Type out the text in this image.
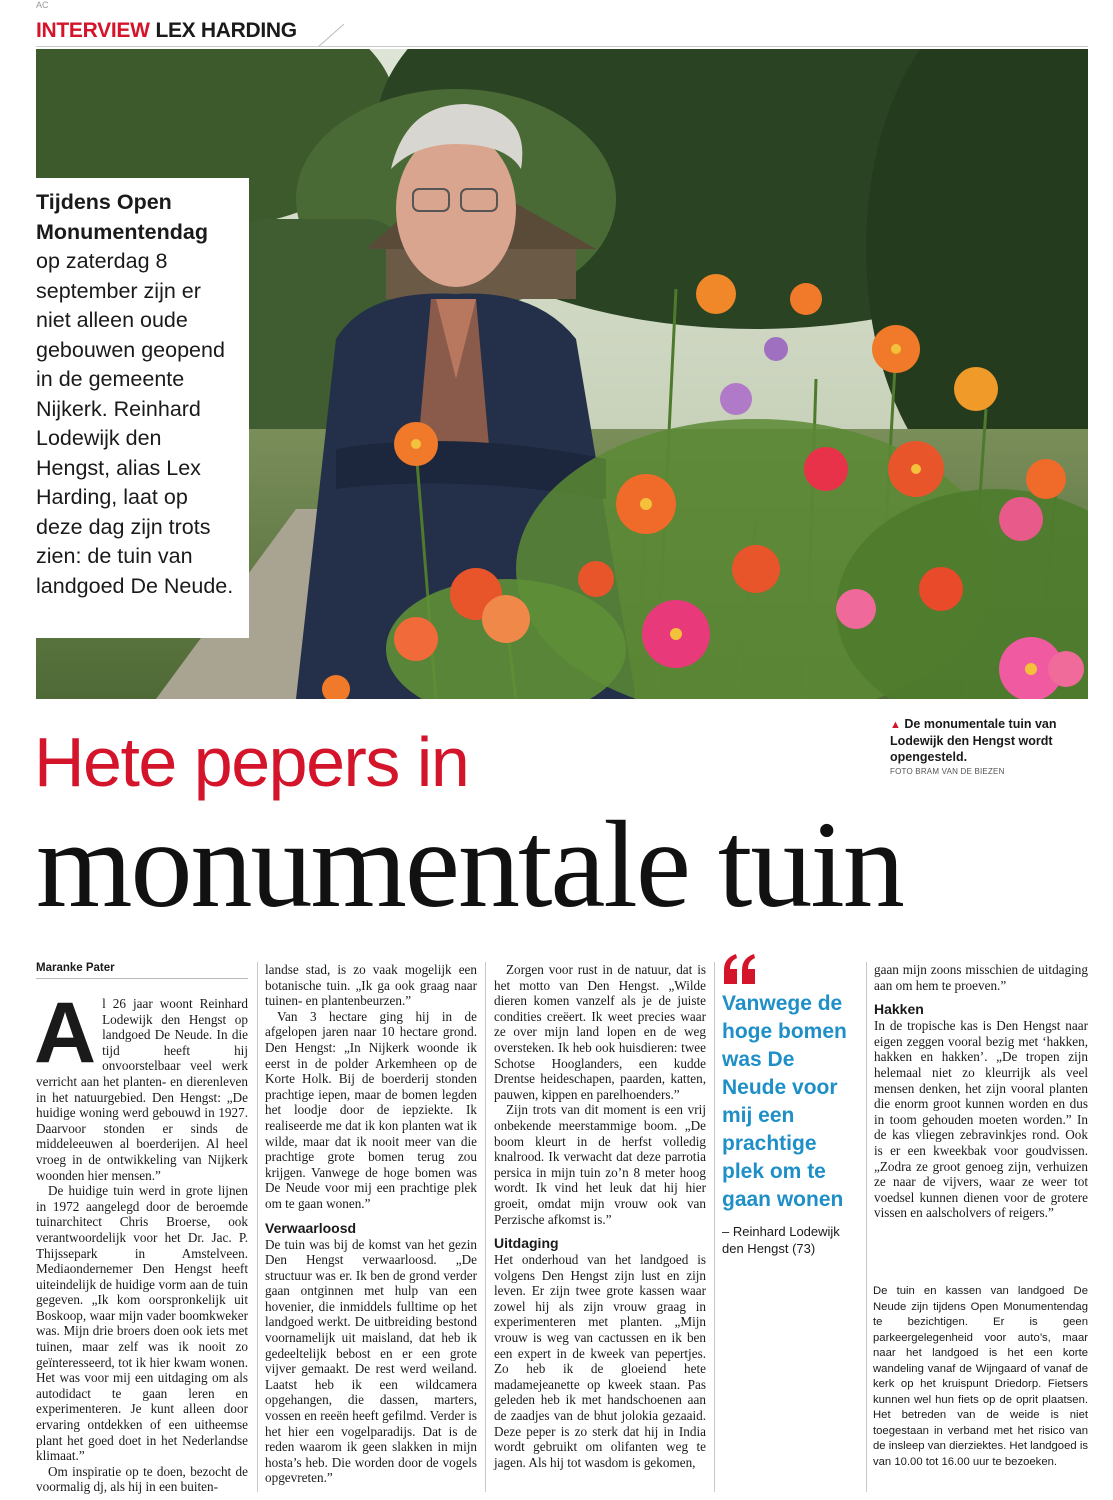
AC
INTERVIEW LEX HARDING
Tijdens Open Monumentendag op zaterdag 8 september zijn er niet alleen oude gebouwen geopend in de gemeente Nijkerk. Reinhard Lodewijk den Hengst, alias Lex Harding, laat op deze dag zijn trots zien: de tuin van landgoed De Neude.
▲ De monumentale tuin van Lodewijk den Hengst wordt opengesteld.
FOTO BRAM VAN DE BIEZEN
Hete pepers in
monumentale tuin
Maranke Pater

Al 26 jaar woont Reinhard Lodewijk den Hengst op landgoed De Neude. In die tijd heeft hij onvoorstelbaar veel werk verricht aan het planten- en dierenleven in het natuurgebied. Den Hengst: „De huidige woning werd gebouwd in 1927. Daarvoor stonden er sinds de middeleeuwen al boerderijen. Al heel vroeg in de ontwikkeling van Nijkerk woonden hier mensen.”

De huidige tuin werd in grote lijnen in 1972 aangelegd door de beroemde tuinarchitect Chris Broerse, ook verantwoordelijk voor het Dr. Jac. P. Thijssepark in Amstelveen. Mediaondernemer Den Hengst heeft uiteindelijk de huidige vorm aan de tuin gegeven. „Ik kom oorspronkelijk uit Boskoop, waar mijn vader boomkweker was. Mijn drie broers doen ook iets met tuinen, maar zelf was ik nooit zo geïnteresseerd, tot ik hier kwam wonen. Het was voor mij een uitdaging om als autodidact te gaan leren en experimenteren. Je kunt alleen door ervaring ontdekken of een uitheemse plant het goed doet in het Nederlandse klimaat.”

Om inspiratie op te doen, bezocht de voormalig dj, als hij in een buiten-

landse stad, is zo vaak mogelijk een botanische tuin. „Ik ga ook graag naar tuinen- en plantenbeurzen.”

Van 3 hectare ging hij in de afgelopen jaren naar 10 hectare grond. Den Hengst: „In Nijkerk woonde ik eerst in de polder Arkemheen op de Korte Holk. Bij de boerderij stonden prachtige iepen, maar de bomen legden het loodje door de iepziekte. Ik realiseerde me dat ik kon planten wat ik wilde, maar dat ik nooit meer van die prachtige grote bomen terug zou krijgen. Vanwege de hoge bomen was De Neude voor mij een prachtige plek om te gaan wonen.”

Verwaarloosd

De tuin was bij de komst van het gezin Den Hengst verwaarloosd. „De structuur was er. Ik ben de grond verder gaan ontginnen met hulp van een hovenier, die inmiddels fulltime op het landgoed werkt. De uitbreiding bestond voornamelijk uit maisland, dat heb ik gedeeltelijk bebost en er een grote vijver gemaakt. De rest werd weiland. Laatst heb ik een wildcamera opgehangen, die dassen, marters, vossen en reeën heeft gefilmd. Verder is het hier een vogelparadijs. Dat is de reden waarom ik geen slakken in mijn hosta’s heb. Die worden door de vogels opgevreten.”

Zorgen voor rust in de natuur, dat is het motto van Den Hengst. „Wilde dieren komen vanzelf als je de juiste condities creëert. Ik weet precies waar ze over mijn land lopen en de weg oversteken. Ik heb ook huisdieren: twee Schotse Hooglanders, een kudde Drentse heideschapen, paarden, katten, pauwen, kippen en parelhoenders.”

Zijn trots van dit moment is een vrij onbekende meerstammige boom. „De boom kleurt in de herfst volledig knalrood. Ik verwacht dat deze parrotia persica in mijn tuin zo’n 8 meter hoog wordt. Ik vind het leuk dat hij hier groeit, omdat mijn vrouw ook van Perzische afkomst is.”

Uitdaging

Het onderhoud van het landgoed is volgens Den Hengst zijn lust en zijn leven. Er zijn twee grote kassen waar zowel hij als zijn vrouw graag in experimenteren met planten. „Mijn vrouw is weg van cactussen en ik ben een expert in de kweek van pepertjes. Zo heb ik de gloeiend hete madamejeanette op kweek staan. Pas geleden heb ik met handschoenen aan de zaadjes van de bhut jolokia gezaaid. Deze peper is zo sterk dat hij in India wordt gebruikt om olifanten weg te jagen. Als hij tot wasdom is gekomen,

Vanwege de hoge bomen was De Neude voor mij een prachtige plek om te gaan wonen
– Reinhard Lodewijk den Hengst (73)

gaan mijn zoons misschien de uitdaging aan om hem te proeven.”

Hakken

In de tropische kas is Den Hengst naar eigen zeggen vooral bezig met ‘hakken, hakken en hakken’. „De tropen zijn helemaal niet zo kleurrijk als veel mensen denken, het zijn vooral planten die enorm groot kunnen worden en dus in toom gehouden moeten worden.” In de kas vliegen zebravinkjes rond. Ook is er een kweekbak voor goudvissen. „Zodra ze groot genoeg zijn, verhuizen ze naar de vijvers, waar ze weer tot voedsel kunnen dienen voor de grotere vissen en aalscholvers of reigers.”

De tuin en kassen van landgoed De Neude zijn tijdens Open Monumentendag te bezichtigen. Er is geen parkeergelegenheid voor auto’s, maar naar het landgoed is het een korte wandeling vanaf de Wijngaard of vanaf de kerk op het kruispunt Driedorp. Fietsers kunnen wel hun fiets op de oprit plaatsen. Het betreden van de weide is niet toegestaan in verband met het risico van de insleep van dierziektes. Het landgoed is van 10.00 tot 16.00 uur te bezoeken.
